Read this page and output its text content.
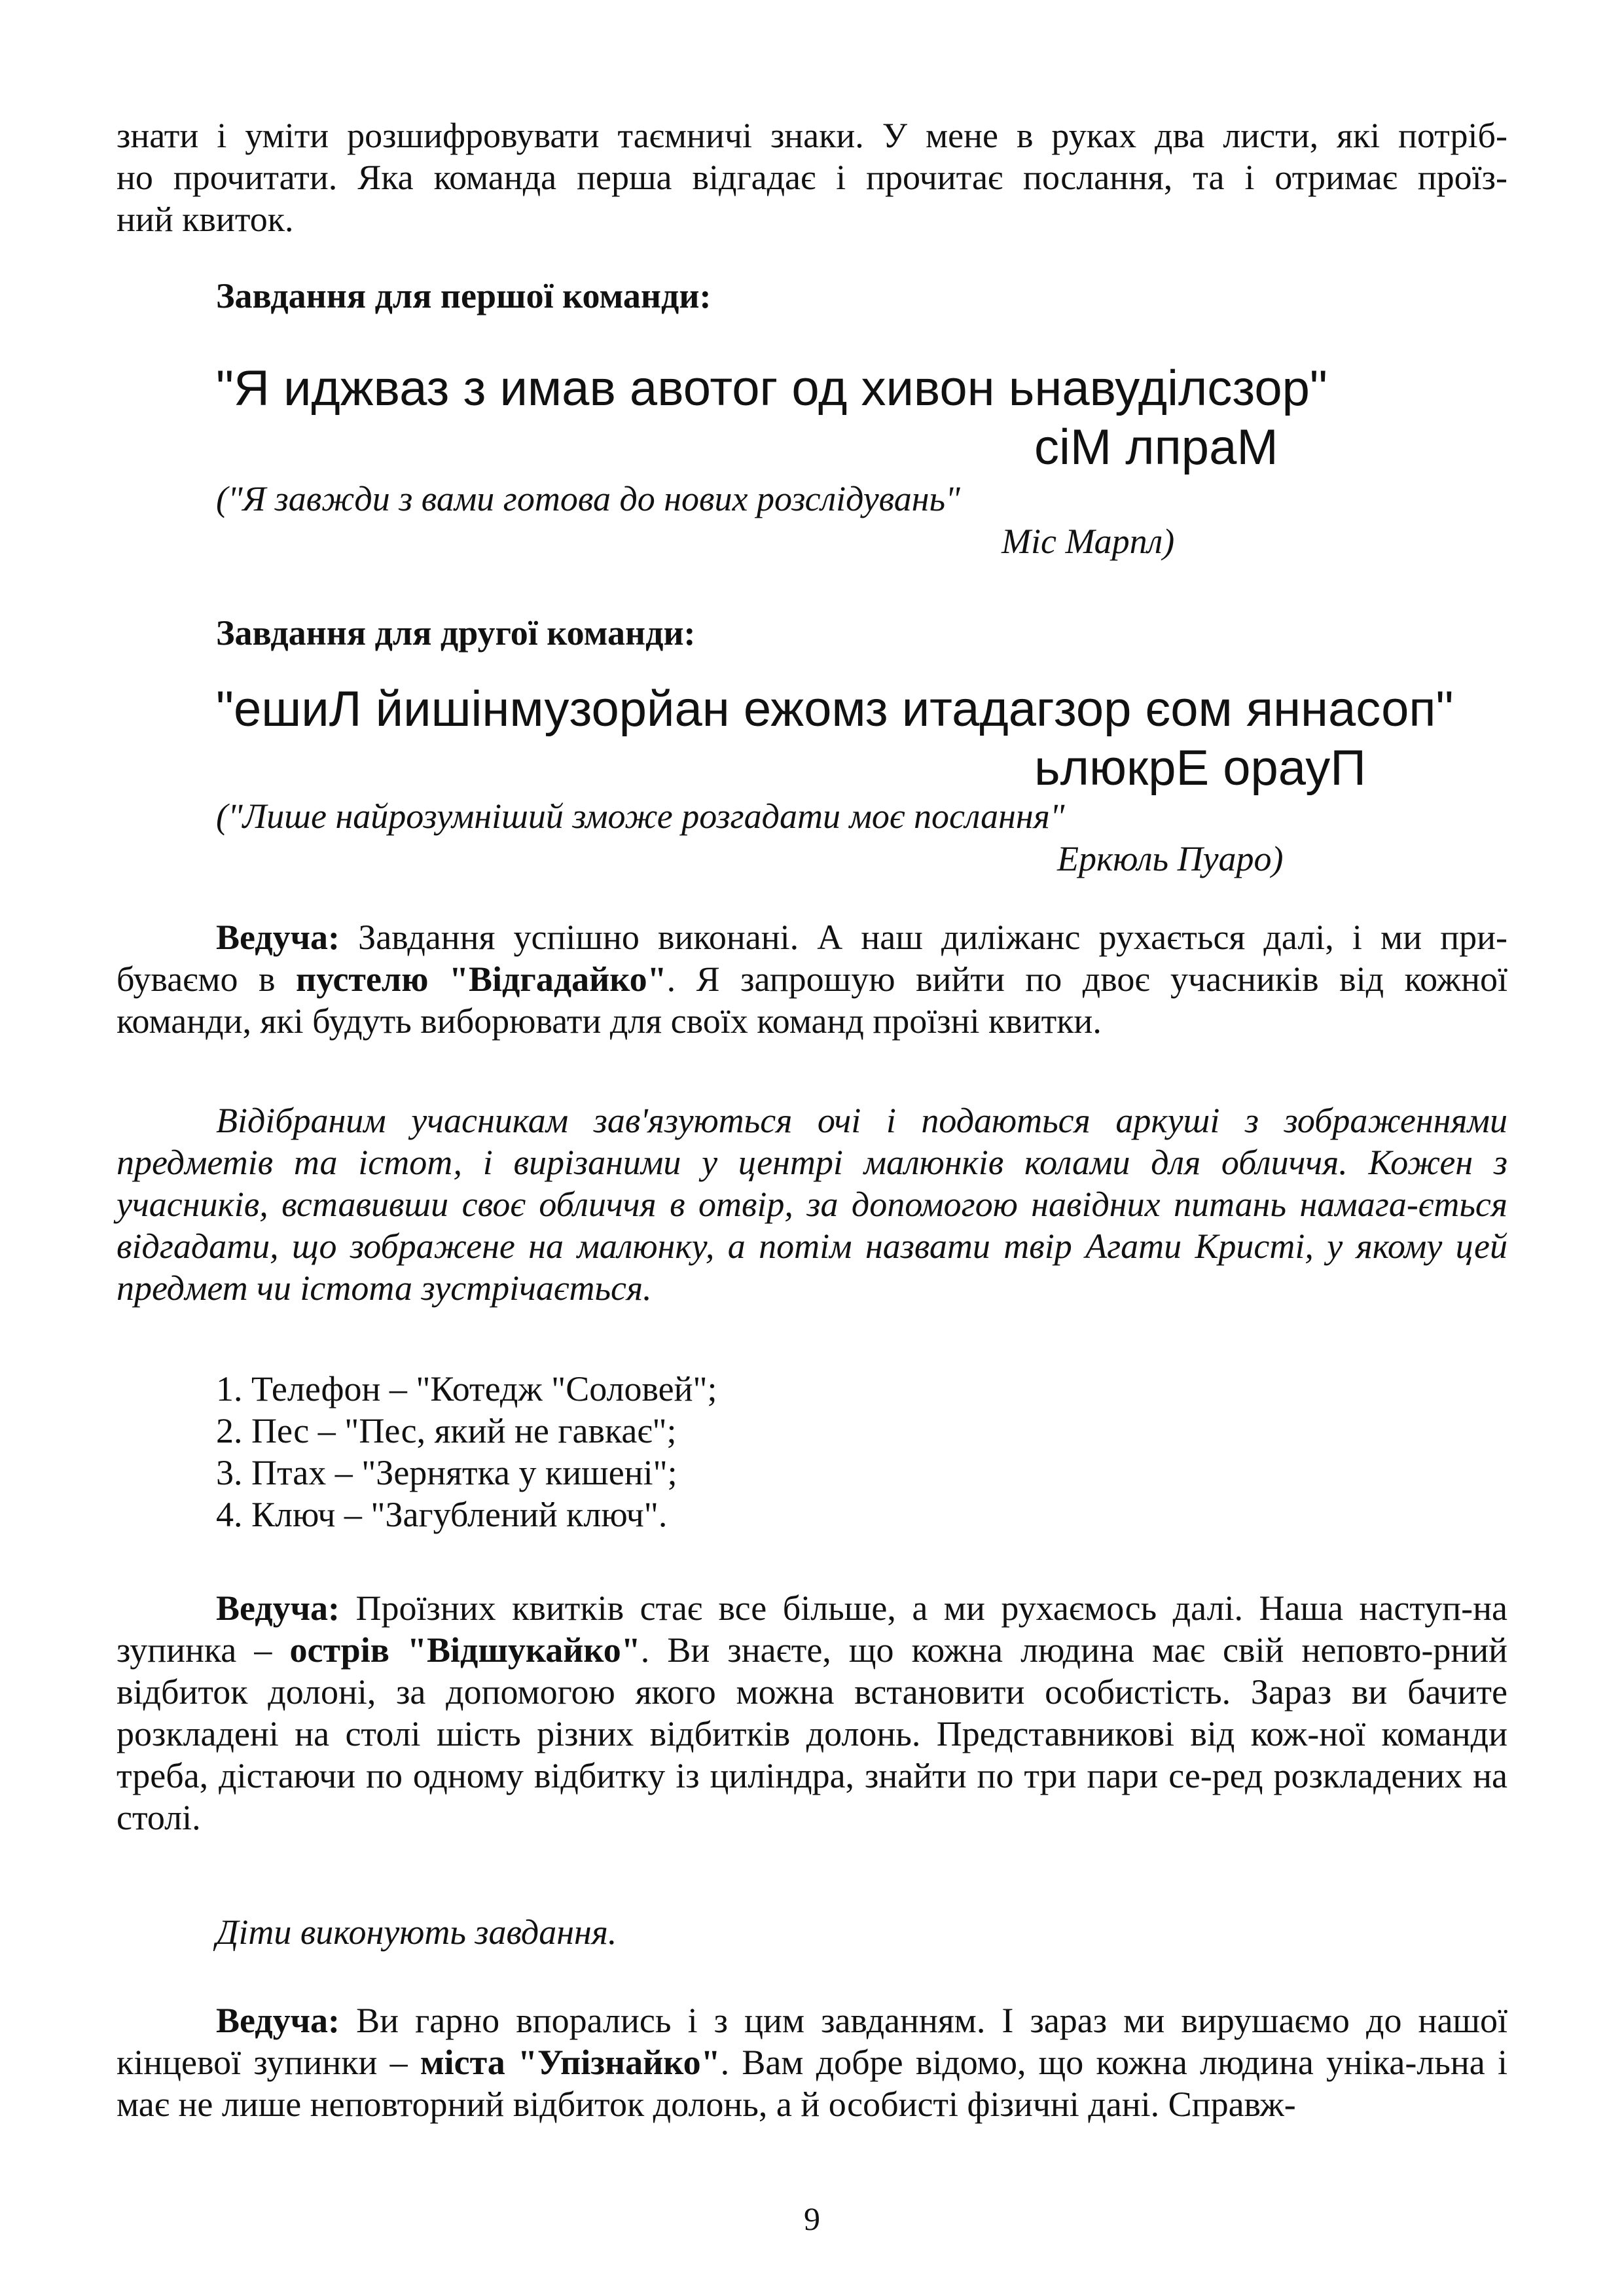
знати і уміти розшифровувати таємничі знаки. У мене в руках два листи, які потріб-
но прочитати. Яка команда перша відгадає і прочитає послання, та і отримає проїз-
ний квиток.
Завдання для першої команди:
"Я иджваз з имав авотог од хивон ьнавуділсзор"
сіМ лпраМ
("Я завжди з вами готова до нових розслідувань"
Міс Марпл)
Завдання для другої команди:
"ешиЛ йишінмузорйан ежомз итадагзор єом яннасоп"
ьлюкрЕ орауП
("Лише найрозумніший зможе розгадати моє послання"
Еркюль Пуаро)
Ведуча: Завдання успішно виконані. А наш диліжанс рухається далі, і ми при-буваємо в пустелю "Відгадайко". Я запрошую вийти по двоє учасників від кожної команди, які будуть виборювати для своїх команд проїзні квитки.
Відібраним учасникам зав'язуються очі і подаються аркуші з зображеннями предметів та істот, і вирізаними у центрі малюнків колами для обличчя. Кожен з учасників, вставивши своє обличчя в отвір, за допомогою навідних питань намага-ється відгадати, що зображене на малюнку, а потім назвати твір Агати Кристі, у якому цей предмет чи істота зустрічається.
1. Телефон – "Котедж "Соловей";
2. Пес – "Пес, який не гавкає";
3. Птах – "Зернятка у кишені";
4. Ключ – "Загублений ключ".
Ведуча: Проїзних квитків стає все більше, а ми рухаємось далі. Наша наступ-на зупинка – острів "Відшукайко". Ви знаєте, що кожна людина має свій неповто-рний відбиток долоні, за допомогою якого можна встановити особистість. Зараз ви бачите розкладені на столі шість різних відбитків долонь. Представникові від кож-ної команди треба, дістаючи по одному відбитку із циліндра, знайти по три пари се-ред розкладених на столі.
Діти виконують завдання.
Ведуча: Ви гарно впорались і з цим завданням. І зараз ми вирушаємо до нашої кінцевої зупинки – міста "Упізнайко". Вам добре відомо, що кожна людина уніка-льна і має не лише неповторний відбиток долонь, а й особисті фізичні дані. Справж-
9
